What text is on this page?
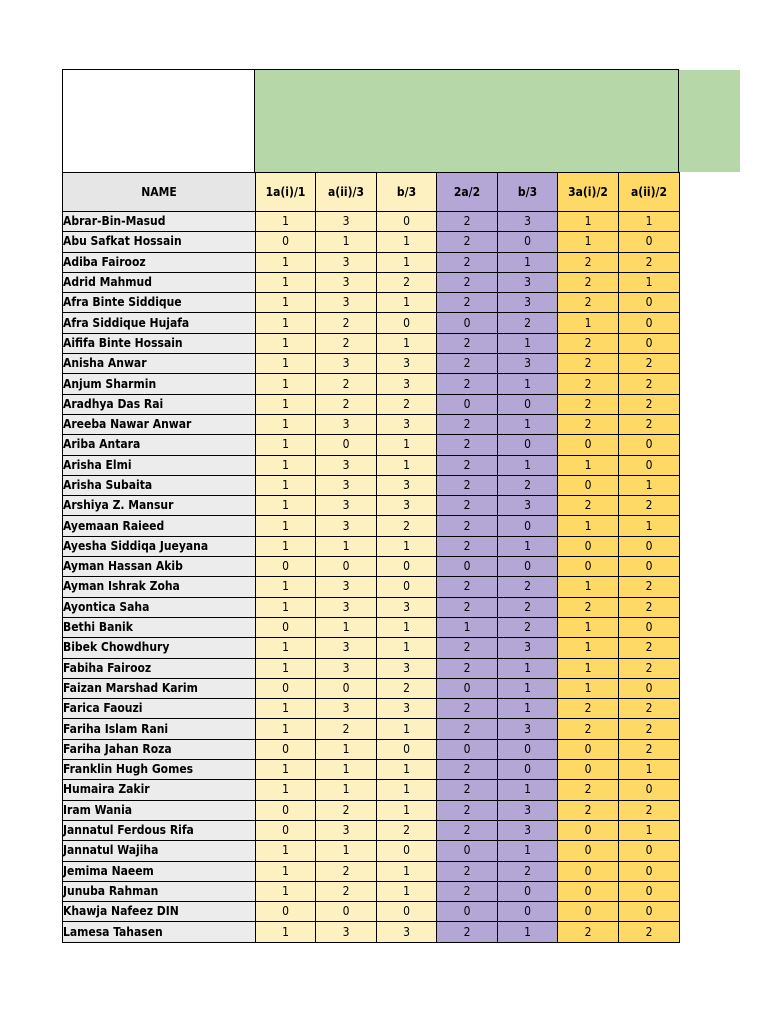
NAME	1a(i)/1	a(ii)/3	b/3	2a/2	b/3	3a(i)/2	a(ii)/2
Abrar-Bin-Masud	1	3	0	2	3	1	1
Abu Safkat Hossain	0	1	1	2	0	1	0
Adiba Fairooz	1	3	1	2	1	2	2
Adrid Mahmud	1	3	2	2	3	2	1
Afra Binte Siddique	1	3	1	2	3	2	0
Afra Siddique Hujafa	1	2	0	0	2	1	0
Aififa Binte Hossain	1	2	1	2	1	2	0
Anisha Anwar	1	3	3	2	3	2	2
Anjum Sharmin	1	2	3	2	1	2	2
Aradhya Das Rai	1	2	2	0	0	2	2
Areeba Nawar Anwar	1	3	3	2	1	2	2
Ariba Antara	1	0	1	2	0	0	0
Arisha Elmi	1	3	1	2	1	1	0
Arisha Subaita	1	3	3	2	2	0	1
Arshiya Z. Mansur	1	3	3	2	3	2	2
Ayemaan Raieed	1	3	2	2	0	1	1
Ayesha Siddiqa Jueyana	1	1	1	2	1	0	0
Ayman Hassan Akib	0	0	0	0	0	0	0
Ayman Ishrak Zoha	1	3	0	2	2	1	2
Ayontica Saha	1	3	3	2	2	2	2
Bethi Banik	0	1	1	1	2	1	0
Bibek Chowdhury	1	3	1	2	3	1	2
Fabiha Fairooz	1	3	3	2	1	1	2
Faizan Marshad Karim	0	0	2	0	1	1	0
Farica Faouzi	1	3	3	2	1	2	2
Fariha Islam Rani	1	2	1	2	3	2	2
Fariha Jahan Roza	0	1	0	0	0	0	2
Franklin Hugh Gomes	1	1	1	2	0	0	1
Humaira Zakir	1	1	1	2	1	2	0
Iram Wania	0	2	1	2	3	2	2
Jannatul Ferdous Rifa	0	3	2	2	3	0	1
Jannatul Wajiha	1	1	0	0	1	0	0
Jemima Naeem	1	2	1	2	2	0	0
Junuba Rahman	1	2	1	2	0	0	0
Khawja Nafeez DIN	0	0	0	0	0	0	0
Lamesa Tahasen	1	3	3	2	1	2	2
